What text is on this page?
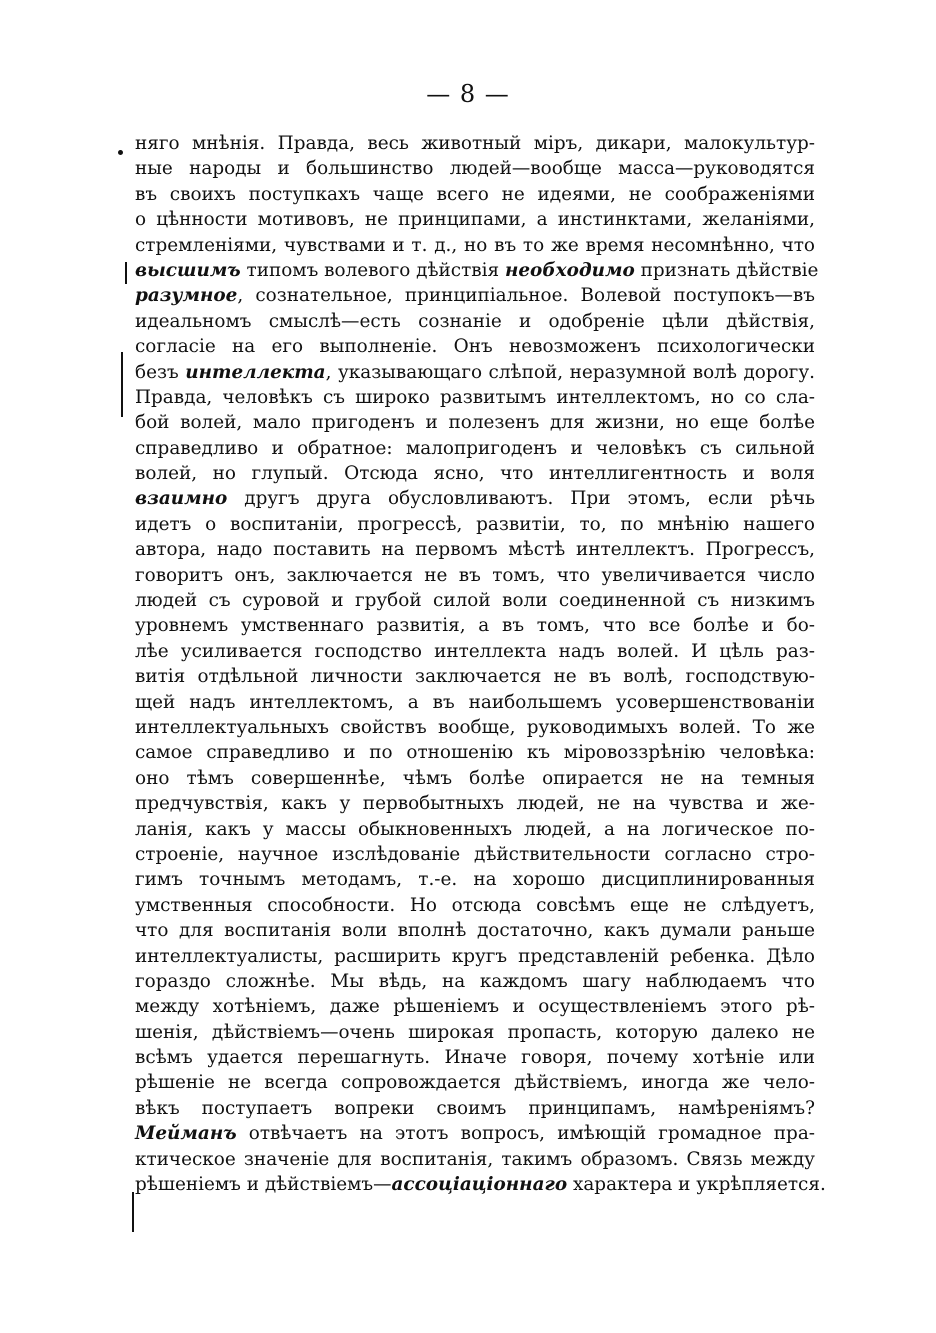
— 8 —
няго мнѣнія. Правда, весь животный міръ, дикари, малокультур-
ные народы и большинство людей—вообще масса—руководятся
въ своихъ поступкахъ чаще всего не идеями, не соображеніями
о цѣнности мотивовъ, не принципами, а инстинктами, желаніями,
стремленіями, чувствами и т. д., но въ то же время несомнѣнно, что
высшимъ типомъ волевого дѣйствія необходимо признать дѣйствіе
разумное, сознательное, принципіальное. Волевой поступокъ—въ
идеальномъ смыслѣ—есть сознаніе и одобреніе цѣли дѣйствія,
согласіе на его выполненіе. Онъ невозможенъ психологически
безъ интеллекта, указывающаго слѣпой, неразумной волѣ дорогу.
Правда, человѣкъ съ широко развитымъ интеллектомъ, но со сла-
бой волей, мало пригоденъ и полезенъ для жизни, но еще болѣе
справедливо и обратное: малопригоденъ и человѣкъ съ сильной
волей, но глупый. Отсюда ясно, что интеллигентность и воля
взаимно другъ друга обусловливаютъ. При этомъ, если рѣчь
идетъ о воспитаніи, прогрессѣ, развитіи, то, по мнѣнію нашего
автора, надо поставить на первомъ мѣстѣ интеллектъ. Прогрессъ,
говоритъ онъ, заключается не въ томъ, что увеличивается число
людей съ суровой и грубой силой воли соединенной съ низкимъ
уровнемъ умственнаго развитія, а въ томъ, что все болѣе и бо-
лѣе усиливается господство интеллекта надъ волей. И цѣль раз-
витія отдѣльной личности заключается не въ волѣ, господствую-
щей надъ интеллектомъ, а въ наибольшемъ усовершенствованіи
интеллектуальныхъ свойствъ вообще, руководимыхъ волей. То же
самое справедливо и по отношенію къ міровоззрѣнію человѣка:
оно тѣмъ совершеннѣе, чѣмъ болѣе опирается не на темныя
предчувствія, какъ у первобытныхъ людей, не на чувства и же-
ланія, какъ у массы обыкновенныхъ людей, а на логическое по-
строеніе, научное изслѣдованіе дѣйствительности согласно стро-
гимъ точнымъ методамъ, т.-е. на хорошо дисциплинированныя
умственныя способности. Но отсюда совсѣмъ еще не слѣдуетъ,
что для воспитанія воли вполнѣ достаточно, какъ думали раньше
интеллектуалисты, расширить кругъ представленій ребенка. Дѣло
гораздо сложнѣе. Мы вѣдь, на каждомъ шагу наблюдаемъ что
между хотѣніемъ, даже рѣшеніемъ и осуществленіемъ этого рѣ-
шенія, дѣйствіемъ—очень широкая пропасть, которую далеко не
всѣмъ удается перешагнуть. Иначе говоря, почему хотѣніе или
рѣшеніе не всегда сопровождается дѣйствіемъ, иногда же чело-
вѣкъ поступаетъ вопреки своимъ принципамъ, намѣреніямъ?
Мейманъ отвѣчаетъ на этотъ вопросъ, имѣющій громадное пра-
ктическое значеніе для воспитанія, такимъ образомъ. Связь между
рѣшеніемъ и дѣйствіемъ—ассоціаціоннаго характера и укрѣпляется.
